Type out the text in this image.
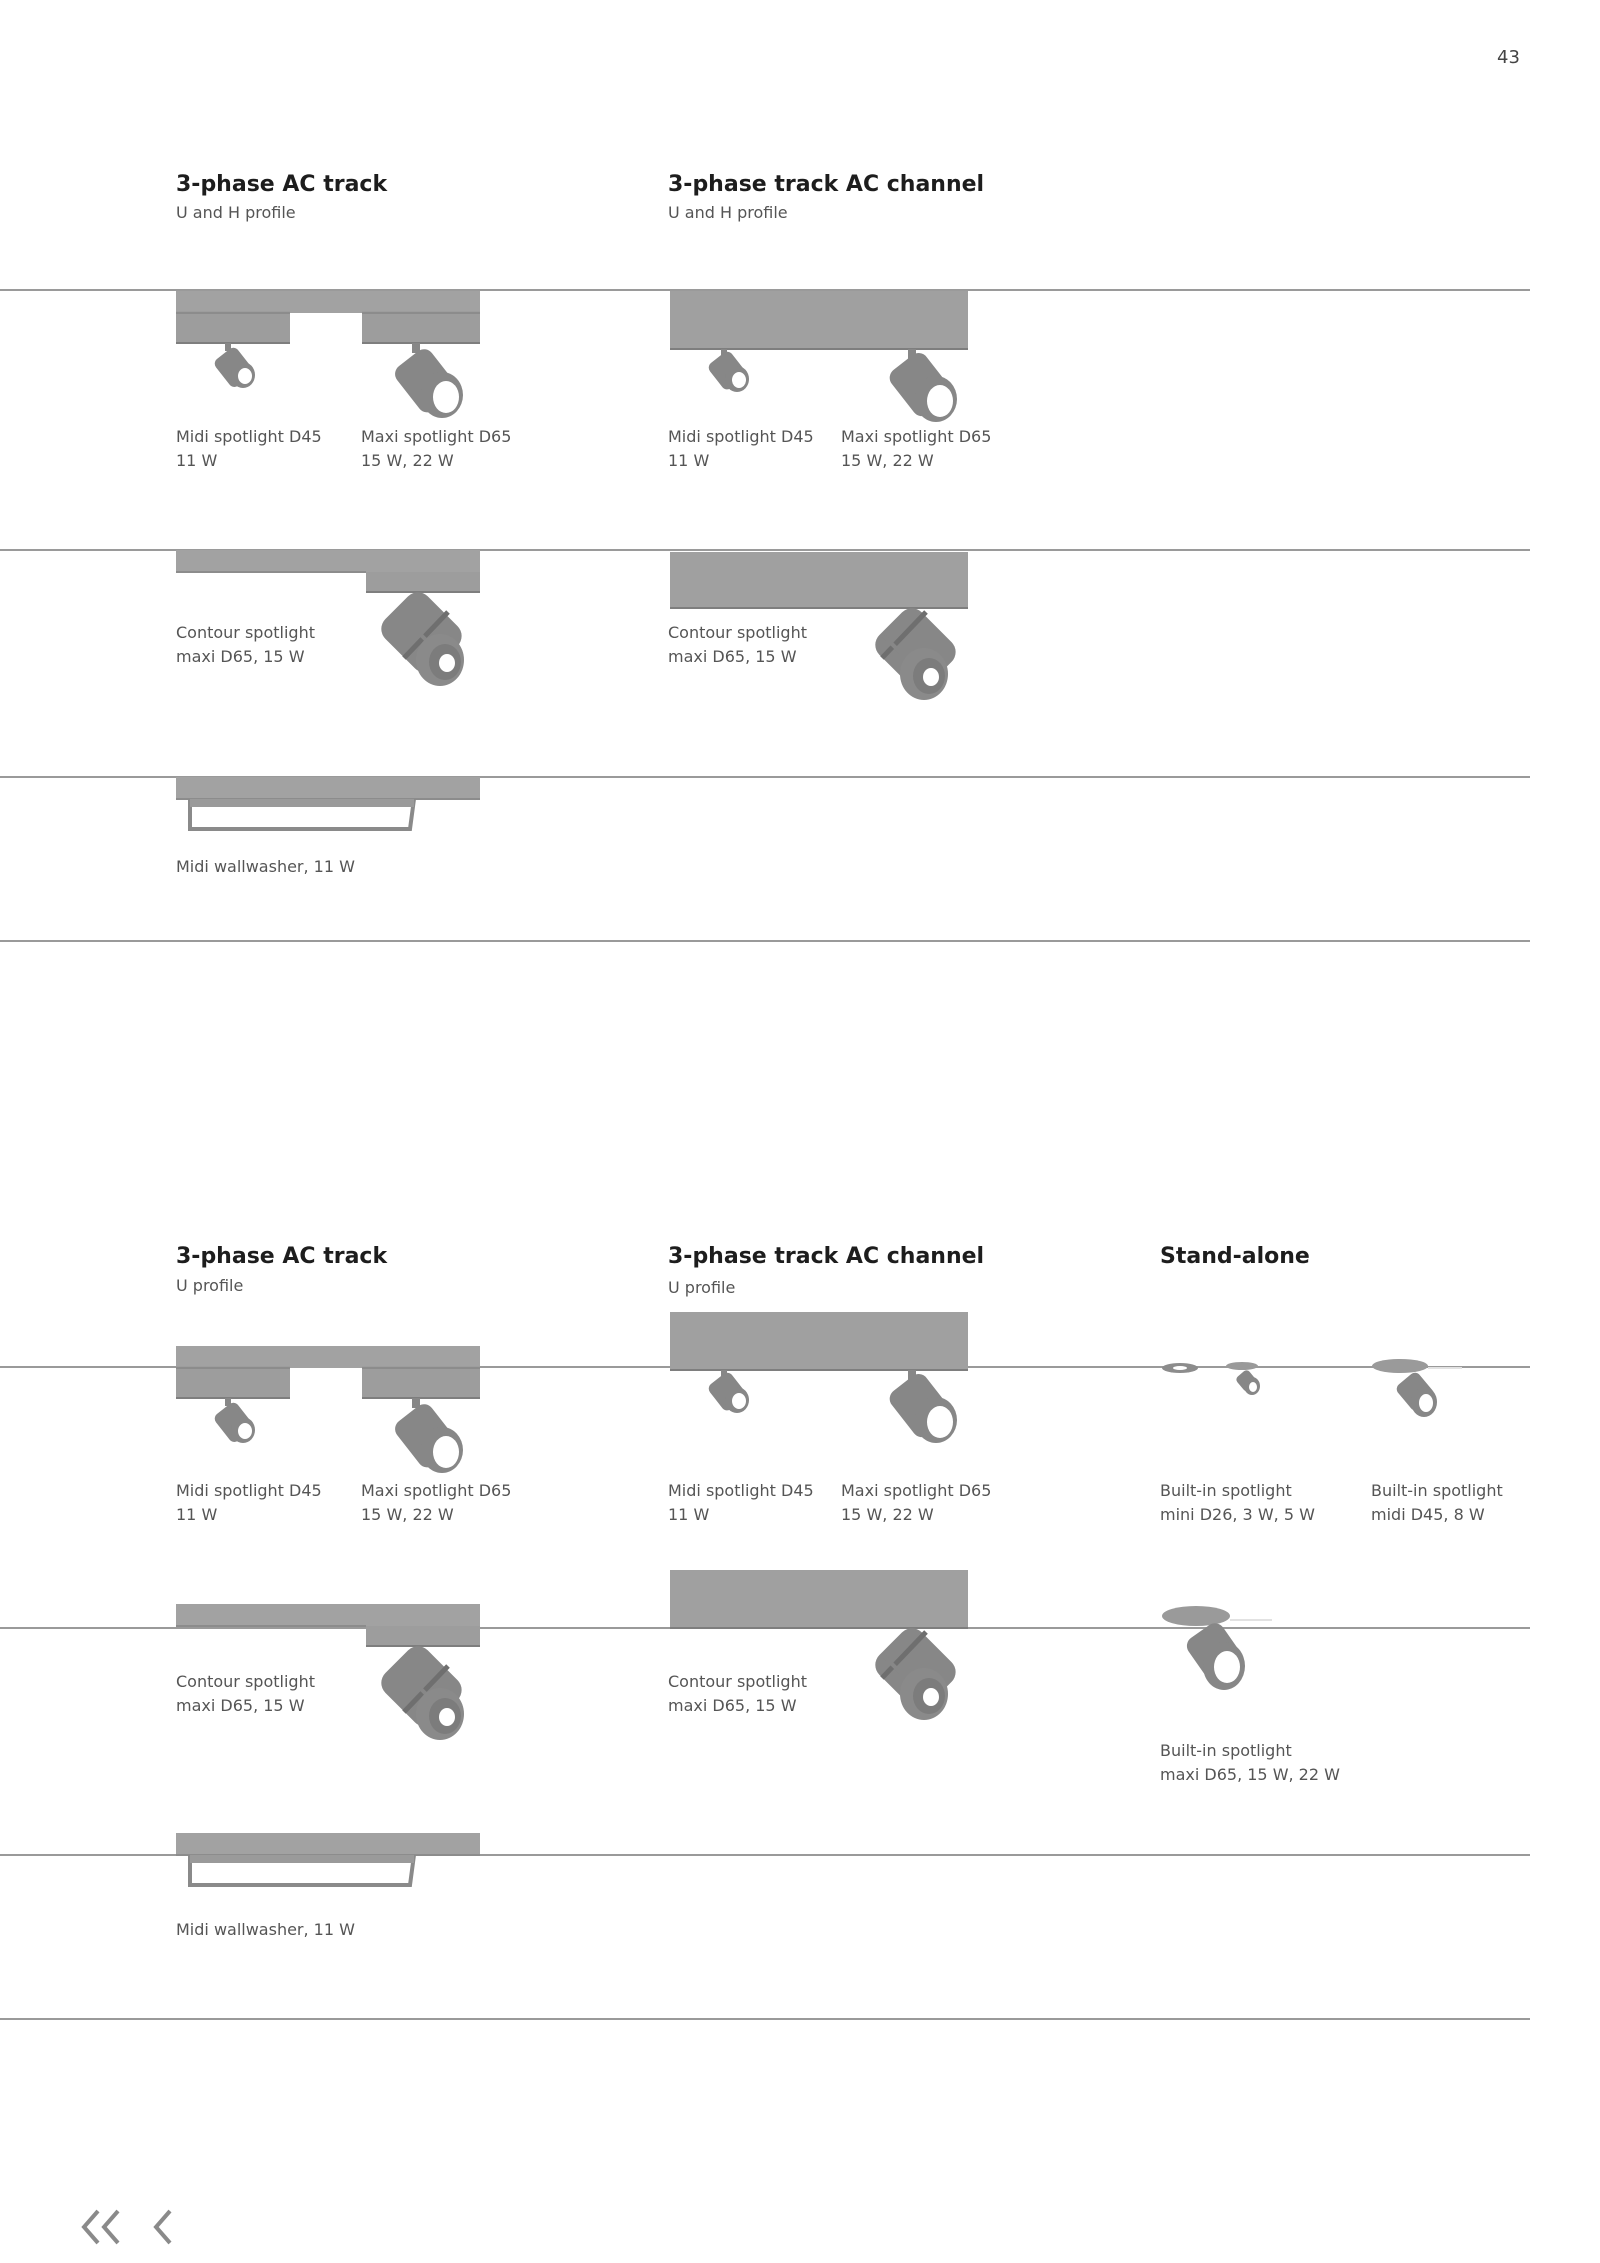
43
3-phase AC track
U and H profile
3-phase track AC channel
U and H profile
Midi spotlight D45
11 W
Maxi spotlight D65
15 W, 22 W
Midi spotlight D45
11 W
Maxi spotlight D65
15 W, 22 W
Contour spotlight
maxi D65, 15 W
Contour spotlight
maxi D65, 15 W
Midi wallwasher, 11 W
3-phase AC track
U profile
3-phase track AC channel
U profile
Stand-alone
Midi spotlight D45
11 W
Maxi spotlight D65
15 W, 22 W
Midi spotlight D45
11 W
Maxi spotlight D65
15 W, 22 W
Built-in spotlight
mini D26, 3 W, 5 W
Built-in spotlight
midi D45, 8 W
Contour spotlight
maxi D65, 15 W
Contour spotlight
maxi D65, 15 W
Built-in spotlight
maxi D65, 15 W, 22 W
Midi wallwasher, 11 W
